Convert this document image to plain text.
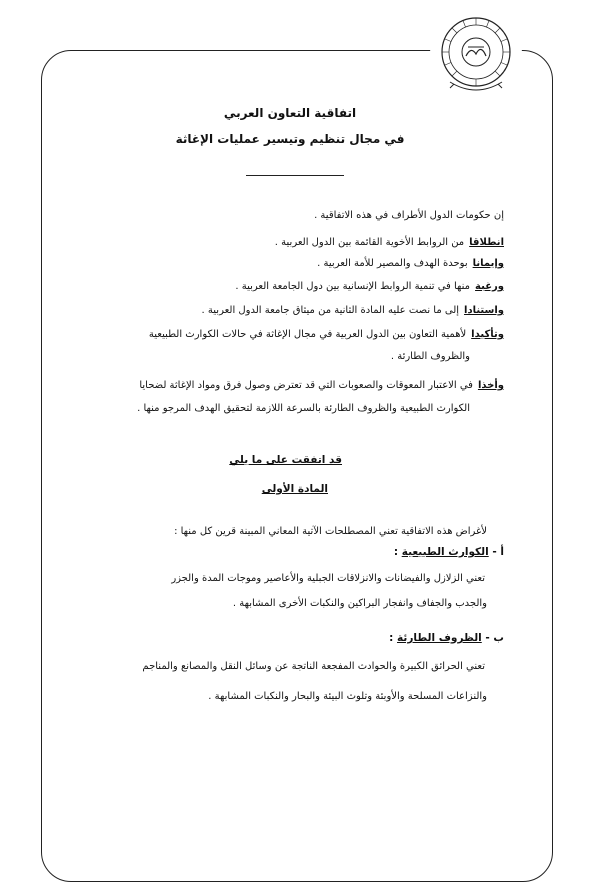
اتفاقية التعاون العربي
في مجال تنظيم وتيسير عمليات الإغاثة
إن حكومات الدول الأطراف في هذه الاتفاقية .
انطلاقامن الروابط الأخوية القائمة بين الدول العربية .
وإيمانابوحدة الهدف والمصير للأمة العربية .
ورغبةمنها في تنمية الروابط الإنسانية بين دول الجامعة العربية .
واستناداإلى ما نصت عليه المادة الثانية من ميثاق جامعة الدول العربية .
وتأكيدالأهمية التعاون بين الدول العربية في مجال الإغاثة في حالات الكوارث الطبيعية
والظروف الطارئة .
وأخذافي الاعتبار المعوقات والصعوبات التي قد تعترض وصول فرق ومواد الإغاثة لضحايا
الكوارث الطبيعية والظروف الطارئة بالسرعة اللازمة لتحقيق الهدف المرجو منها .
قد اتفقت على ما يلي
المادة الأولى
لأغراض هذه الاتفاقية تعني المصطلحات الآتية المعاني المبينة قرين كل منها :
أ - الكوارث الطبيعية :
تعني الزلازل والفيضانات والانزلاقات الجبلية والأعاصير وموجات المدة والجزر
والجدب والجفاف وانفجار البراكين والنكبات الأخرى المشابهة .
ب - الظروف الطارئة :
تعني الحرائق الكبيرة والحوادث المفجعة الناتجة عن وسائل النقل والمصانع والمناجم
والنزاعات المسلحة والأوبئة وتلوث البيئة والبحار والنكبات المشابهة .
